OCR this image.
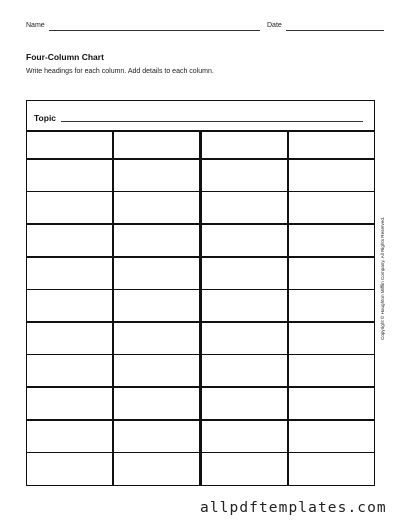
Name	Date
Four-Column Chart
Write headings for each column. Add details to each column.
Topic
Copyright © Houghton Mifflin Company. All Rights Reserved.
allpdftemplates.com
